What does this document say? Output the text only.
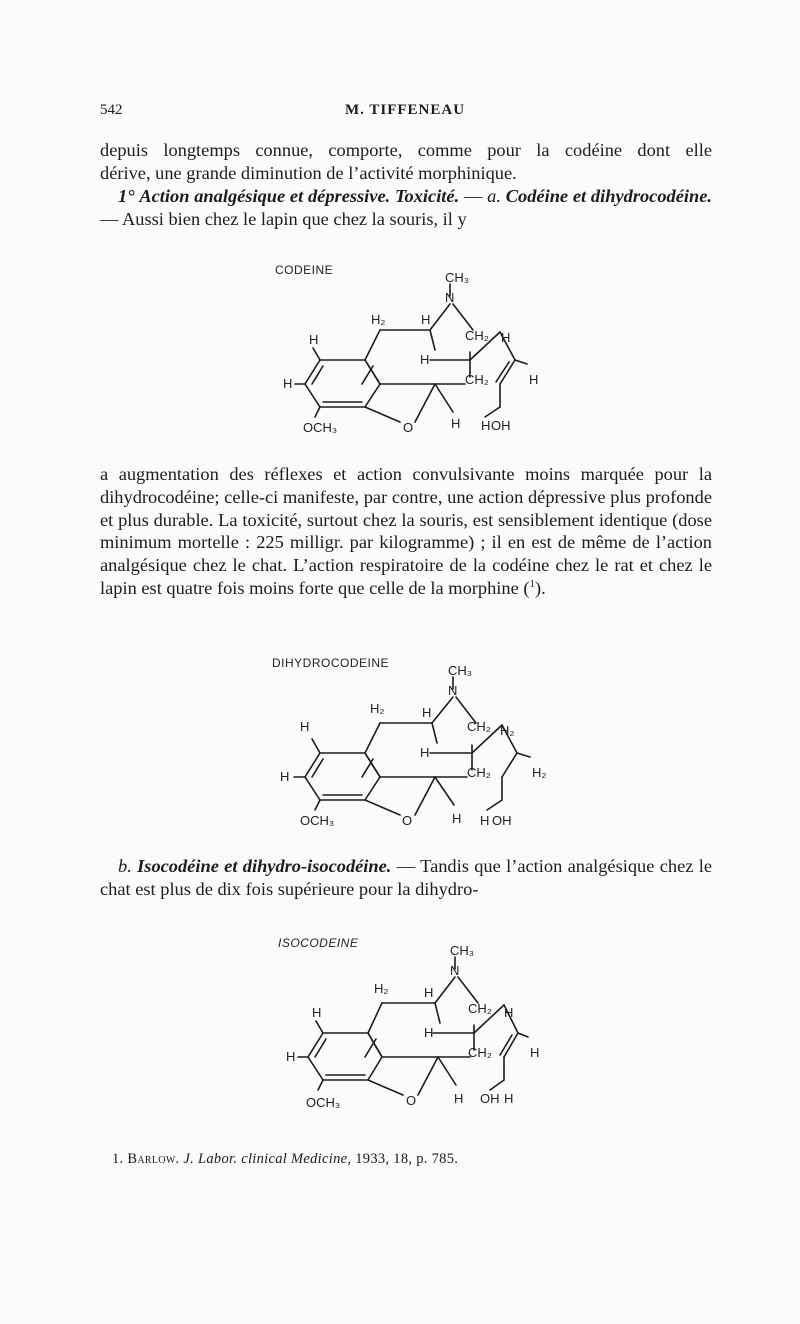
542	M. TIFFENEAU

depuis longtemps connue, comporte, comme pour la codéine dont elle

dérive, une grande diminution de l’activité morphinique.

1° Action analgésique et dépressive. Toxicité. — a. Codéine et dihydrocodéine. — Aussi bien chez le lapin que chez la souris, il y

CODEINE	CH₃
N
H₂	H
CH₂ H
H
H
CH₂	H
H
OCH₃	O	H H OH

a augmentation des réflexes et action convulsivante moins marquée pour la dihydrocodéine; celle-ci manifeste, par contre, une action dépressive plus profonde et plus durable. La toxicité, surtout chez la souris, est sensiblement identique (dose minimum mortelle : 225 milligr. par kilogramme) ; il en est de même de l’action analgésique chez le chat. L’action respiratoire de la codéine chez le rat et chez le lapin est quatre fois moins forte que celle de la morphine ($^1$).

DIHYDROCODEINE	CH₃
N
H₂	H
CH₂ H₂
H
H
CH₂	H₂
H
OCH₃	O	H H OH

b. Isocodéine et dihydro-isocodéine. — Tandis que l’action analgésique chez le chat est plus de dix fois supérieure pour la dihydro-

ISOCODEINE	CH₃
N
H₂	H
CH₂ H
H
H
CH₂	H
H
OCH₃	O	H OH H
1. Barlow. J. Labor. clinical Medicine, 1933, 18, p. 785.
